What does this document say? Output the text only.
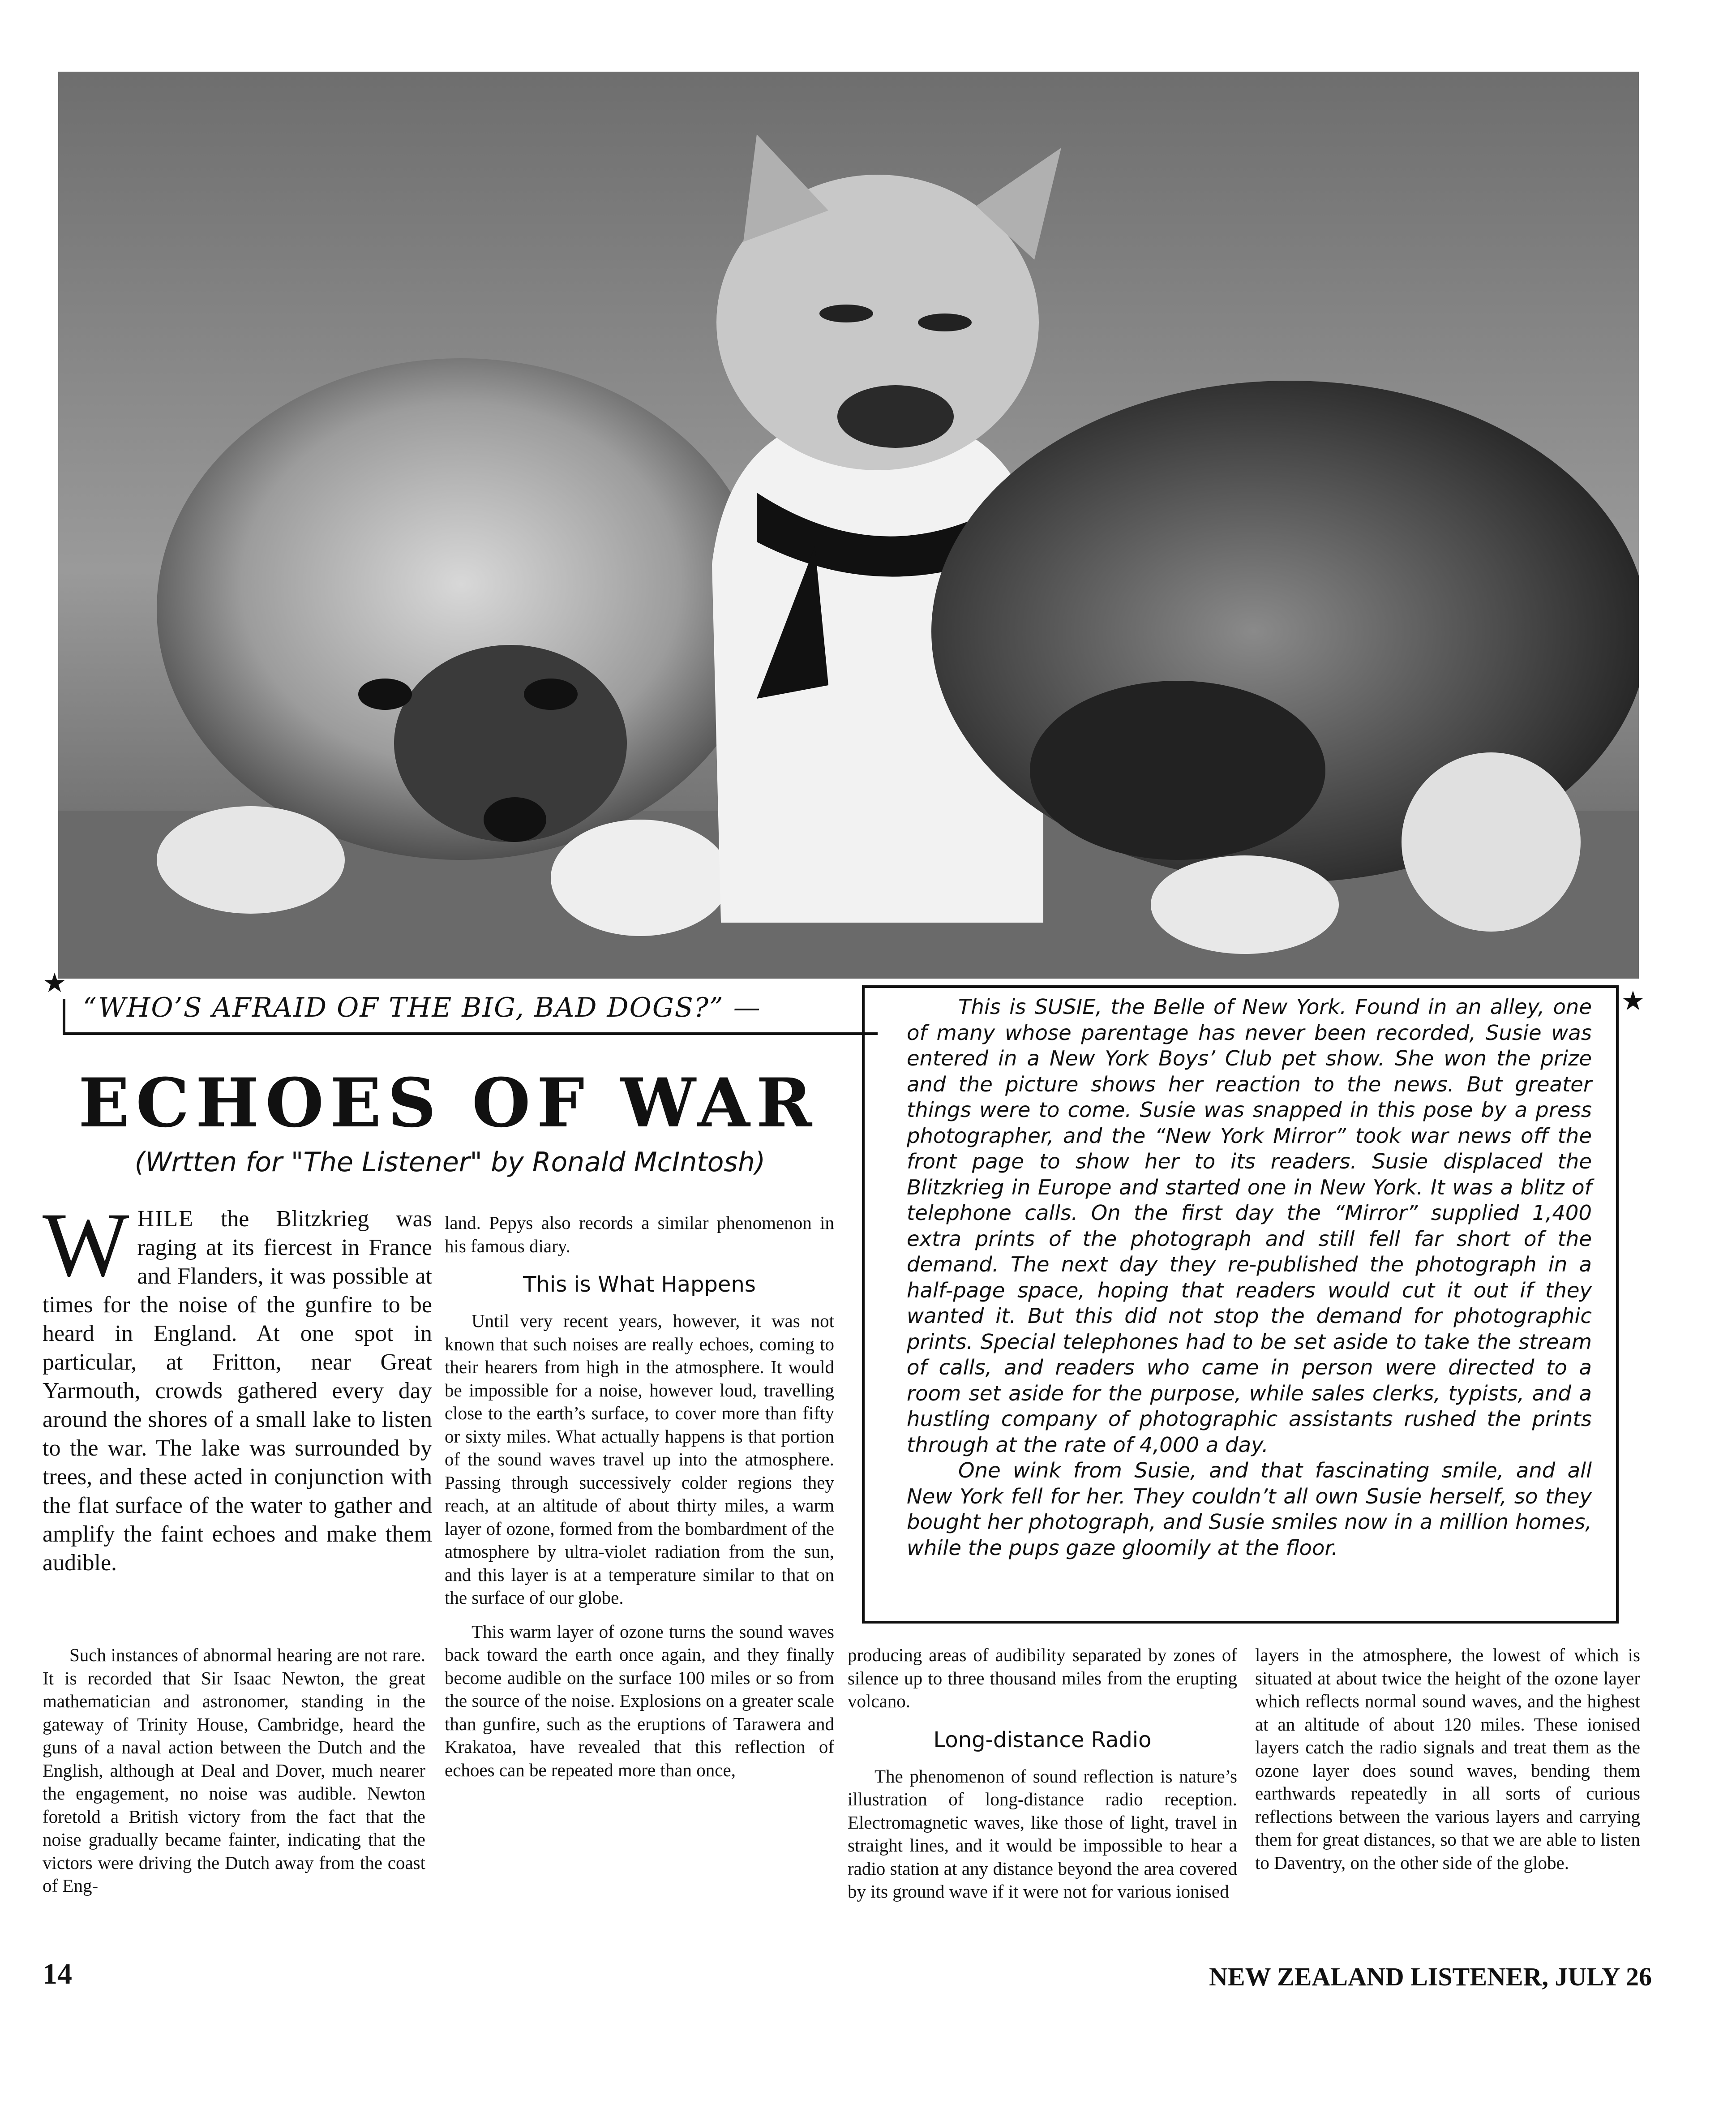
★
“WHO’S AFRAID OF THE BIG, BAD DOGS?” —	★

This is SUSIE, the Belle of New York. Found in an alley, one of many whose parentage has never been recorded, Susie was entered in a New York Boys’ Club pet show. She won the prize and the picture shows her reaction to the news. But greater things were to come. Susie was snapped in this pose by a press photographer, and the “New York Mirror” took war news off the front page to show her to its readers. Susie displaced the Blitzkrieg in Europe and started one in New York. It was a blitz of telephone calls. On the first day the “Mirror” supplied 1,400 extra prints of the photograph and still fell far short of the demand. The next day they re-published the photograph in a half-page space, hoping that readers would cut it out if they wanted it. But this did not stop the demand for photographic prints. Special telephones had to be set aside to take the stream of calls, and readers who came in person were directed to a room set aside for the purpose, while sales clerks, typists, and a hustling company of photographic assistants rushed the prints through at the rate of 4,000 a day.

One wink from Susie, and that fascinating smile, and all New York fell for her. They couldn’t all own Susie herself, so they bought her photograph, and Susie smiles now in a million homes, while the pups gaze gloomily at the floor.

ECHOES OF WAR
(Wrtten for "The Listener" by Ronald McIntosh)
WHILE the Blitzkrieg was raging at its fiercest in France and Flanders, it was possible at times for the noise of the gunfire to be heard in England. At one spot in particular, at Fritton, near Great Yarmouth, crowds gathered every day around the shores of a small lake to listen to the war. The lake was surrounded by trees, and these acted in conjunction with the flat surface of the water to gather and amplify the faint echoes and make them audible.

Such instances of abnormal hearing are not rare. It is recorded that Sir Isaac Newton, the great mathematician and astronomer, standing in the gateway of Trinity House, Cambridge, heard the guns of a naval action between the Dutch and the English, although at Deal and Dover, much nearer the engagement, no noise was audible. Newton foretold a British victory from the fact that the noise gradually became fainter, indicating that the victors were driving the Dutch away from the coast of Eng-

land. Pepys also records a similar phenomenon in his famous diary.

This is What Happens

Until very recent years, however, it was not known that such noises are really echoes, coming to their hearers from high in the atmosphere. It would be impossible for a noise, however loud, travelling close to the earth’s surface, to cover more than fifty or sixty miles. What actually happens is that portion of the sound waves travel up into the atmosphere. Passing through successively colder regions they reach, at an altitude of about thirty miles, a warm layer of ozone, formed from the bombardment of the atmosphere by ultra-violet radiation from the sun, and this layer is at a temperature similar to that on the surface of our globe.

This warm layer of ozone turns the sound waves back toward the earth once again, and they finally become audible on the surface 100 miles or so from the source of the noise. Explosions on a greater scale than gunfire, such as the eruptions of Tarawera and Krakatoa, have revealed that this reflection of echoes can be repeated more than once,

producing areas of audibility separated by zones of silence up to three thousand miles from the erupting volcano.

Long-distance Radio

The phenomenon of sound reflection is nature’s illustration of long-distance radio reception. Electromagnetic waves, like those of light, travel in straight lines, and it would be impossible to hear a radio station at any distance beyond the area covered by its ground wave if it were not for various ionised

layers in the atmosphere, the lowest of which is situated at about twice the height of the ozone layer which reflects normal sound waves, and the highest at an altitude of about 120 miles. These ionised layers catch the radio signals and treat them as the ozone layer does sound waves, bending them earthwards repeatedly in all sorts of curious reflections between the various layers and carrying them for great distances, so that we are able to listen to Daventry, on the other side of the globe.

14	NEW ZEALAND LISTENER, JULY 26
